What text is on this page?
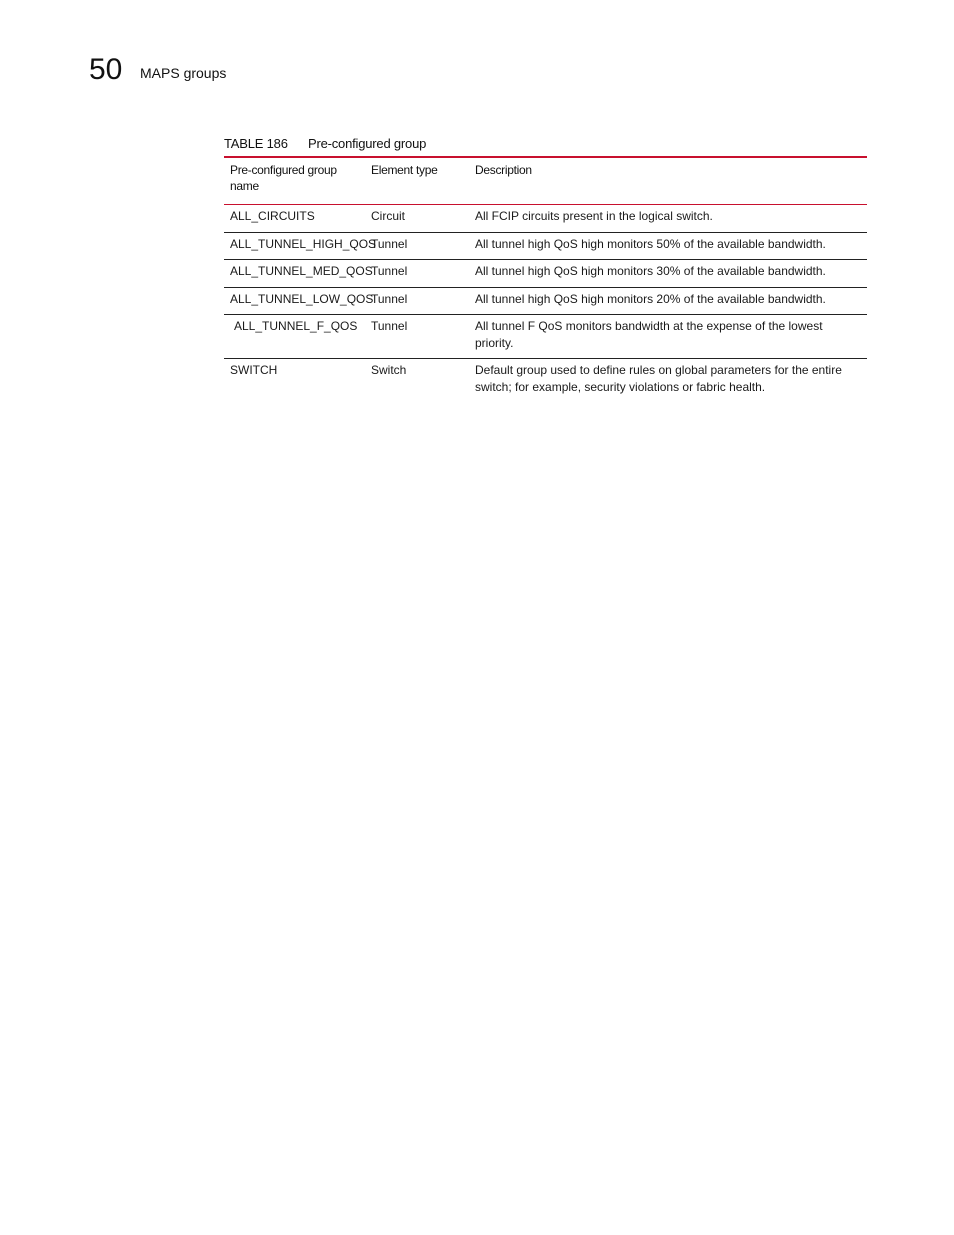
50 MAPS groups
TABLE 186 Pre-configured group
Pre-configured group name	Element type	Description
ALL_CIRCUITS	Circuit	All FCIP circuits present in the logical switch.
ALL_TUNNEL_HIGH_QOS	Tunnel	All tunnel high QoS high monitors 50% of the available bandwidth.
ALL_TUNNEL_MED_QOS	Tunnel	All tunnel high QoS high monitors 30% of the available bandwidth.
ALL_TUNNEL_LOW_QOS	Tunnel	All tunnel high QoS high monitors 20% of the available bandwidth.
ALL_TUNNEL_F_QOS	Tunnel	All tunnel F QoS monitors bandwidth at the expense of the lowest priority.
SWITCH	Switch	Default group used to define rules on global parameters for the entire switch; for example, security violations or fabric health.
